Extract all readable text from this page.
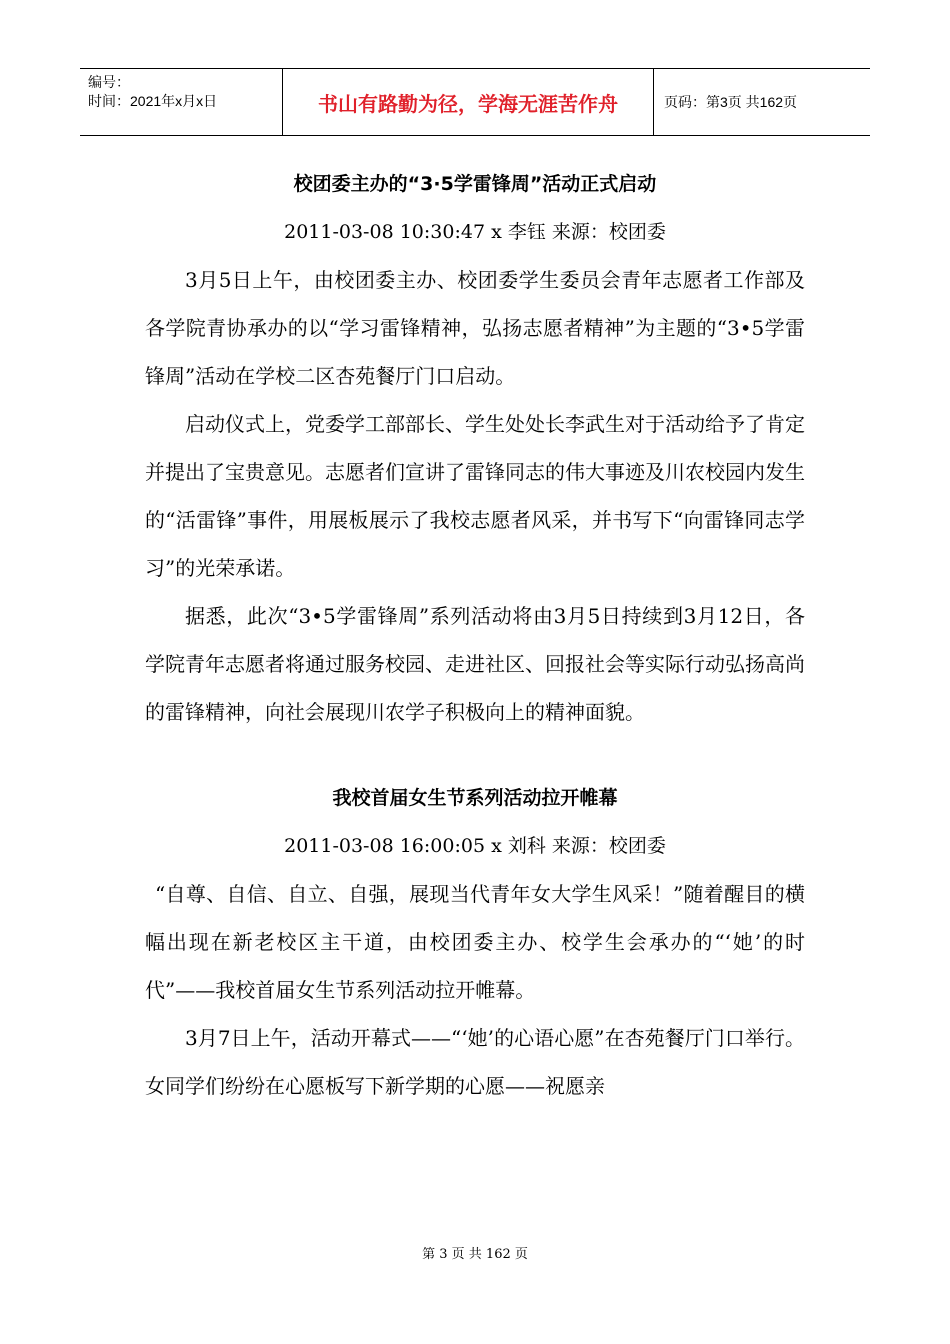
编号：
时间：2021年x月x日	书山有路勤为径，学海无涯苦作舟	页码：第3页 共162页
校团委主办的“3·5学雷锋周”活动正式启动

2011-03-08 10:30:47 x 李钰 来源：校团委

3月5日上午，由校团委主办、校团委学生委员会青年志愿者工作部及各学院青协承办的以“学习雷锋精神，弘扬志愿者精神”为主题的“3•5学雷锋周”活动在学校二区杏苑餐厅门口启动。

启动仪式上，党委学工部部长、学生处处长李武生对于活动给予了肯定并提出了宝贵意见。志愿者们宣讲了雷锋同志的伟大事迹及川农校园内发生的“活雷锋”事件，用展板展示了我校志愿者风采，并书写下“向雷锋同志学习”的光荣承诺。

据悉，此次“3•5学雷锋周”系列活动将由3月5日持续到3月12日，各学院青年志愿者将通过服务校园、走进社区、回报社会等实际行动弘扬高尚的雷锋精神，向社会展现川农学子积极向上的精神面貌。

我校首届女生节系列活动拉开帷幕

2011-03-08 16:00:05 x 刘科 来源：校团委

“自尊、自信、自立、自强，展现当代青年女大学生风采！”随着醒目的横幅出现在新老校区主干道，由校团委主办、校学生会承办的“‘她’的时代”——我校首届女生节系列活动拉开帷幕。

3月7日上午，活动开幕式——“‘她’的心语心愿”在杏苑餐厅门口举行。女同学们纷纷在心愿板写下新学期的心愿——祝愿亲

第 3 页 共 162 页
